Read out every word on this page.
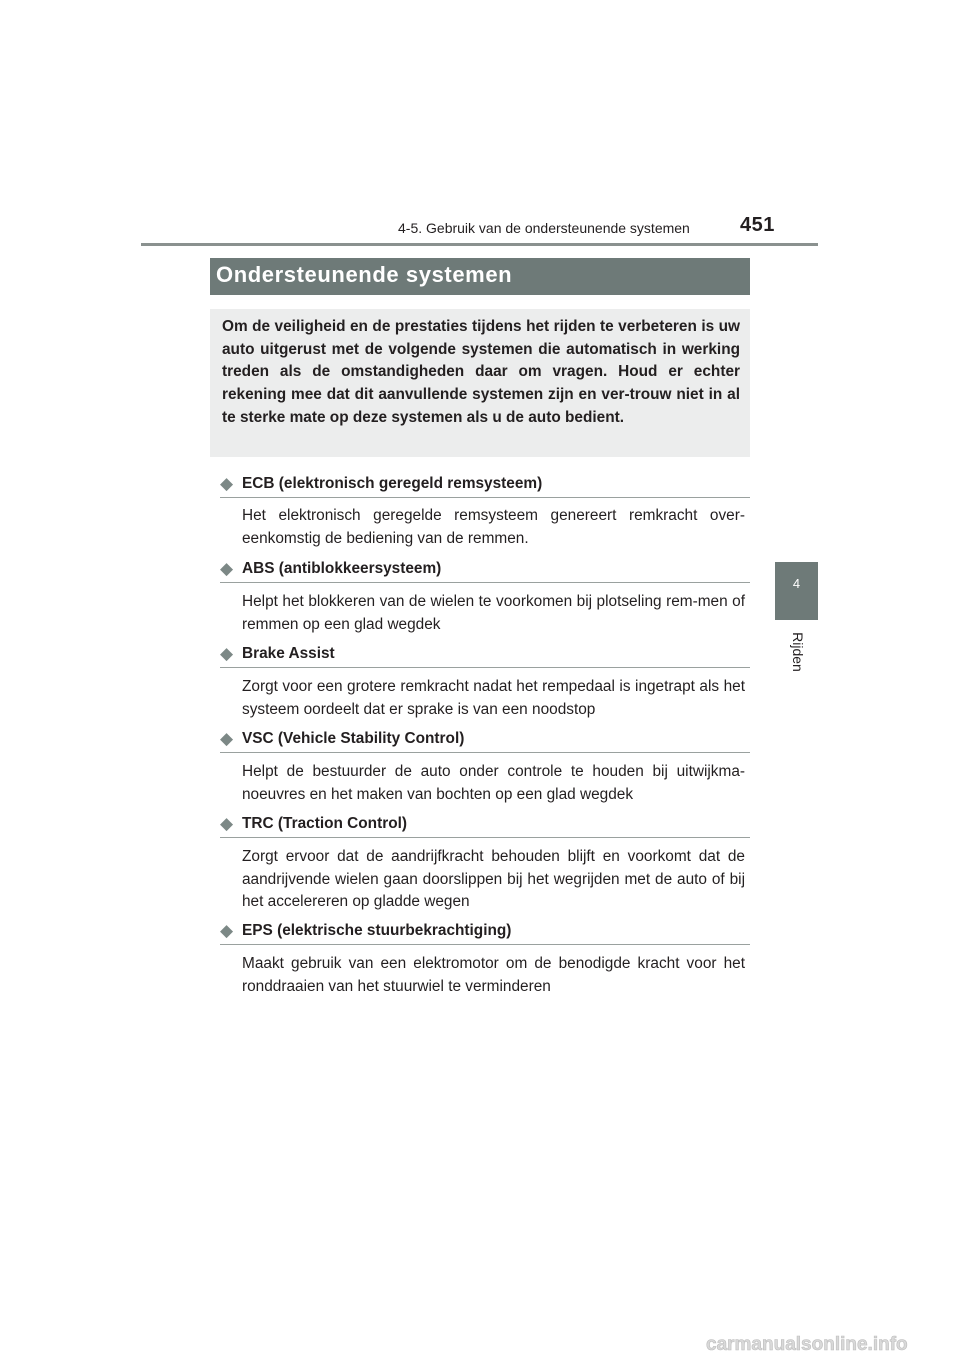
4-5. Gebruik van de ondersteunende systemen	451
4
Rijden
Ondersteunende systemen
Om de veiligheid en de prestaties tijdens het rijden te verbeteren is uw auto uitgerust met de volgende systemen die automatisch in werking treden als de omstandigheden daar om vragen. Houd er echter rekening mee dat dit aanvullende systemen zijn en ver-trouw niet in al te sterke mate op deze systemen als u de auto bedient.
◆ ECB (elektronisch geregeld remsysteem)
Het elektronisch geregelde remsysteem genereert remkracht over-eenkomstig de bediening van de remmen.
◆ ABS (antiblokkeersysteem)
Helpt het blokkeren van de wielen te voorkomen bij plotseling rem-men of remmen op een glad wegdek
◆ Brake Assist
Zorgt voor een grotere remkracht nadat het rempedaal is ingetrapt als het systeem oordeelt dat er sprake is van een noodstop
◆ VSC (Vehicle Stability Control)
Helpt de bestuurder de auto onder controle te houden bij uitwijkma-noeuvres en het maken van bochten op een glad wegdek
◆ TRC (Traction Control)
Zorgt ervoor dat de aandrijfkracht behouden blijft en voorkomt dat de aandrijvende wielen gaan doorslippen bij het wegrijden met de auto of bij het accelereren op gladde wegen
◆ EPS (elektrische stuurbekrachtiging)
Maakt gebruik van een elektromotor om de benodigde kracht voor het ronddraaien van het stuurwiel te verminderen
carmanualsonline.info
